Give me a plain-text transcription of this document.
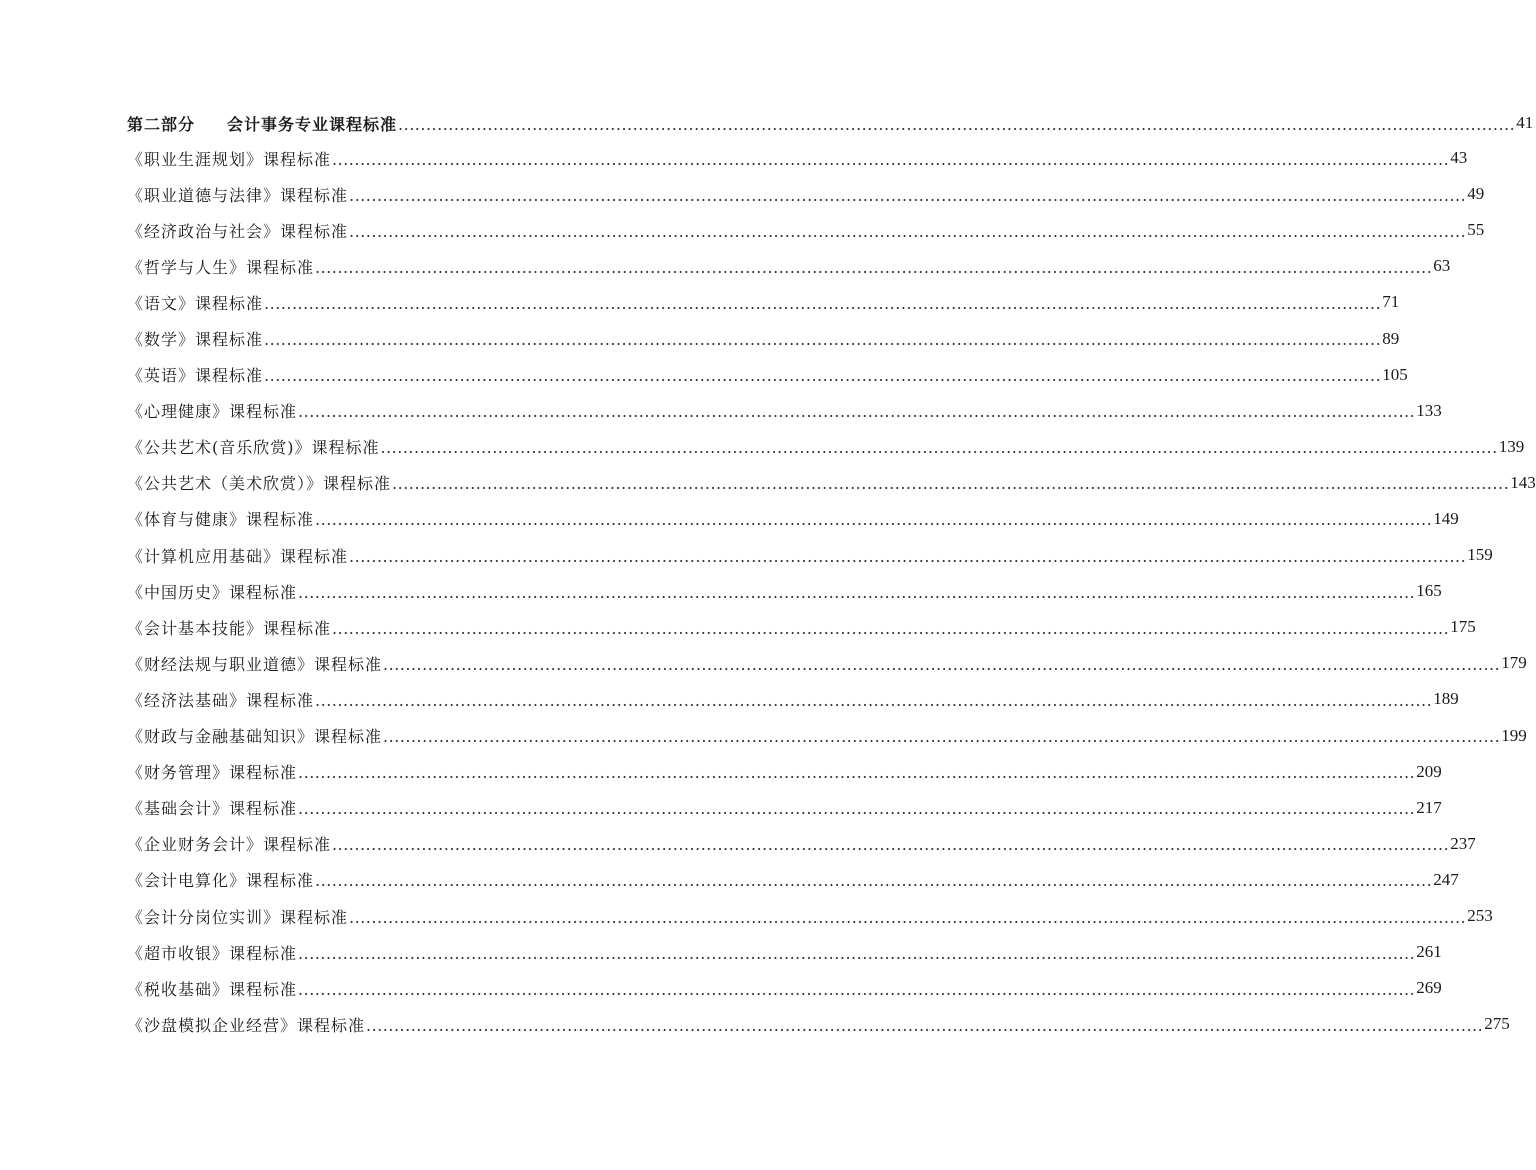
第二部分 会计事务专业课程标准 ........................................................................................................................................................................................................ 41
《职业生涯规划》课程标准 ........................................................................................................................................................................................................ 43
《职业道德与法律》课程标准 ........................................................................................................................................................................................................ 49
《经济政治与社会》课程标准 ........................................................................................................................................................................................................ 55
《哲学与人生》课程标准 ........................................................................................................................................................................................................ 63
《语文》课程标准 ........................................................................................................................................................................................................ 71
《数学》课程标准 ........................................................................................................................................................................................................ 89
《英语》课程标准 ........................................................................................................................................................................................................ 105
《心理健康》课程标准 ........................................................................................................................................................................................................ 133
《公共艺术(音乐欣赏)》课程标准 ........................................................................................................................................................................................................ 139
《公共艺术（美术欣赏）》课程标准 ........................................................................................................................................................................................................ 143
《体育与健康》课程标准 ........................................................................................................................................................................................................ 149
《计算机应用基础》课程标准 ........................................................................................................................................................................................................ 159
《中国历史》课程标准 ........................................................................................................................................................................................................ 165
《会计基本技能》课程标准 ........................................................................................................................................................................................................ 175
《财经法规与职业道德》课程标准 ........................................................................................................................................................................................................ 179
《经济法基础》课程标准 ........................................................................................................................................................................................................ 189
《财政与金融基础知识》课程标准 ........................................................................................................................................................................................................ 199
《财务管理》课程标准 ........................................................................................................................................................................................................ 209
《基础会计》课程标准 ........................................................................................................................................................................................................ 217
《企业财务会计》课程标准 ........................................................................................................................................................................................................ 237
《会计电算化》课程标准 ........................................................................................................................................................................................................ 247
《会计分岗位实训》课程标准 ........................................................................................................................................................................................................ 253
《超市收银》课程标准 ........................................................................................................................................................................................................ 261
《税收基础》课程标准 ........................................................................................................................................................................................................ 269
《沙盘模拟企业经营》课程标准 ........................................................................................................................................................................................................ 275
